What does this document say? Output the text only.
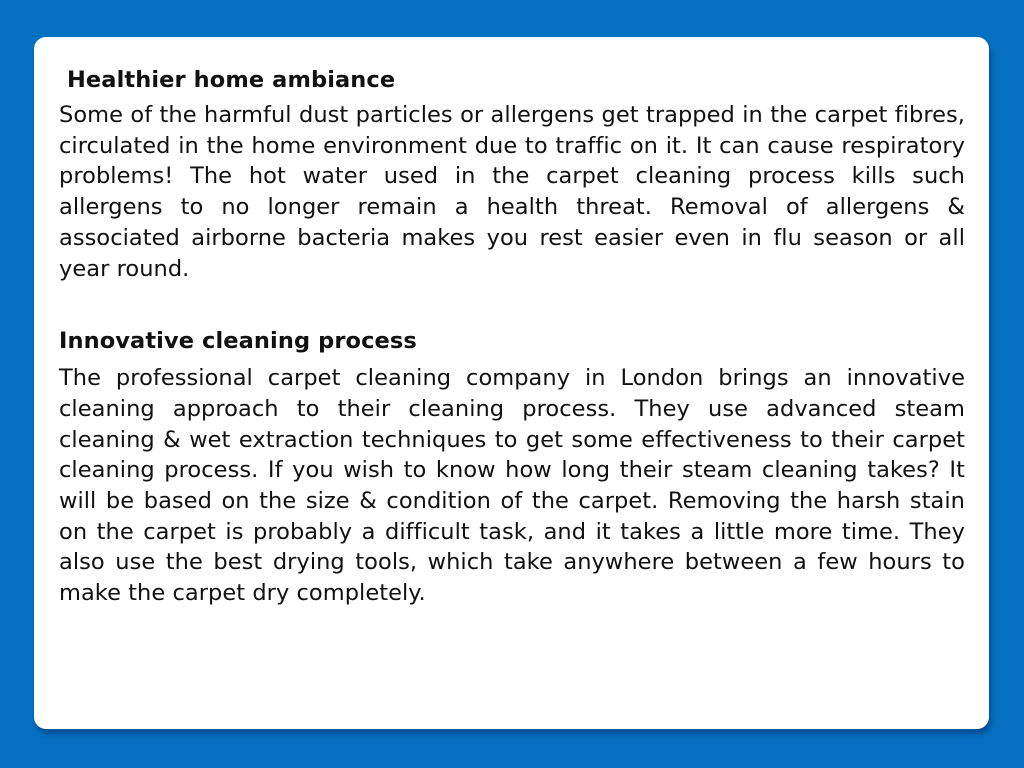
Healthier home ambiance

Some of the harmful dust particles or allergens get trapped in the carpet fibres, circulated in the home environment due to traffic on it. It can cause respiratory problems! The hot water used in the carpet cleaning process kills such allergens to no longer remain a health threat. Removal of allergens & associated airborne bacteria makes you rest easier even in flu season or all year round.

Innovative cleaning process

The professional carpet cleaning company in London brings an innovative cleaning approach to their cleaning process. They use advanced steam cleaning & wet extraction techniques to get some effectiveness to their carpet cleaning process. If you wish to know how long their steam cleaning takes? It will be based on the size & condition of the carpet. Removing the harsh stain on the carpet is probably a difficult task, and it takes a little more time. They also use the best drying tools, which take anywhere between a few hours to make the carpet dry completely.
